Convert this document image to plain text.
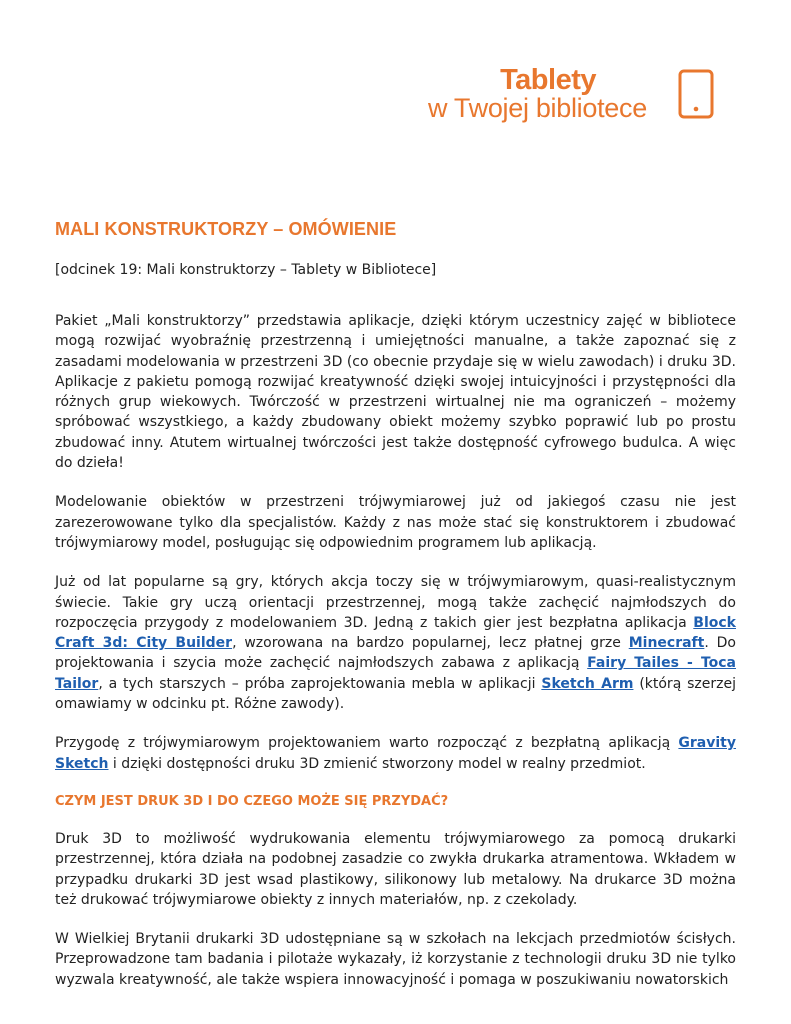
Tablety
w Twojej bibliotece
MALI KONSTRUKTORZY – OMÓWIENIE
[odcinek 19: Mali konstruktorzy – Tablety w Bibliotece]

Pakiet „Mali konstruktorzy” przedstawia aplikacje, dzięki którym uczestnicy zajęć w bibliotece mogą rozwijać wyobraźnię przestrzenną i umiejętności manualne, a także zapoznać się z zasadami modelowania w przestrzeni 3D (co obecnie przydaje się w wielu zawodach) i druku 3D. Aplikacje z pakietu pomogą rozwijać kreatywność dzięki swojej intuicyjności i przystępności dla różnych grup wiekowych. Twórczość w przestrzeni wirtualnej nie ma ograniczeń – możemy spróbować wszystkiego, a każdy zbudowany obiekt możemy szybko poprawić lub po prostu zbudować inny. Atutem wirtualnej twórczości jest także dostępność cyfrowego budulca. A więc do dzieła!

Modelowanie obiektów w przestrzeni trójwymiarowej już od jakiegoś czasu nie jest zarezerowowane tylko dla specjalistów. Każdy z nas może stać się konstruktorem i zbudować trójwymiarowy model, posługując się odpowiednim programem lub aplikacją.

Już od lat popularne są gry, których akcja toczy się w trójwymiarowym, quasi-realistycznym świecie. Takie gry uczą orientacji przestrzennej, mogą także zachęcić najmłodszych do rozpoczęcia przygody z modelowaniem 3D. Jedną z takich gier jest bezpłatna aplikacja Block Craft 3d: City Builder, wzorowana na bardzo popularnej, lecz płatnej grze Minecraft. Do projektowania i szycia może zachęcić najmłodszych zabawa z aplikacją Fairy Tailes - Toca Tailor, a tych starszych – próba zaprojektowania mebla w aplikacji Sketch Arm (którą szerzej omawiamy w odcinku pt. Różne zawody).

Przygodę z trójwymiarowym projektowaniem warto rozpocząć z bezpłatną aplikacją Gravity Sketch i dzięki dostępności druku 3D zmienić stworzony model w realny przedmiot.

CZYM JEST DRUK 3D I DO CZEGO MOŻE SIĘ PRZYDAĆ?

Druk 3D to możliwość wydrukowania elementu trójwymiarowego za pomocą drukarki przestrzennej, która działa na podobnej zasadzie co zwykła drukarka atramentowa. Wkładem w przypadku drukarki 3D jest wsad plastikowy, silikonowy lub metalowy. Na drukarce 3D można też drukować trójwymiarowe obiekty z innych materiałów, np. z czekolady.

W Wielkiej Brytanii drukarki 3D udostępniane są w szkołach na lekcjach przedmiotów ścisłych. Przeprowadzone tam badania i pilotaże wykazały, iż korzystanie z technologii druku 3D nie tylko wyzwala kreatywność, ale także wspiera innowacyjność i pomaga w poszukiwaniu nowatorskich
